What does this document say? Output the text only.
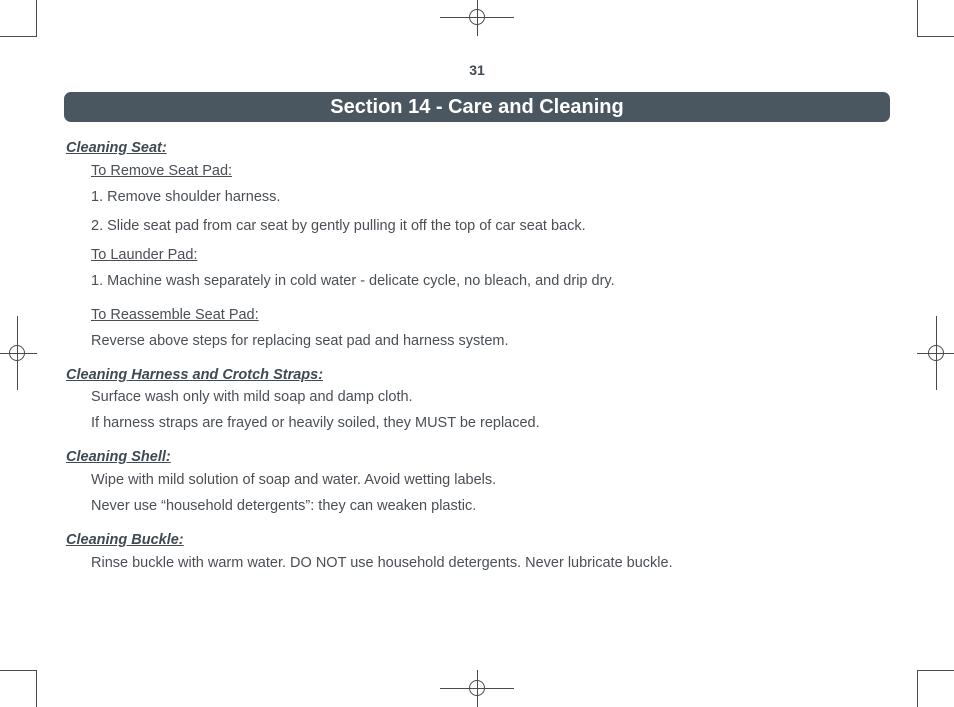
31
Section 14 - Care and Cleaning
Cleaning Seat:
To Remove Seat Pad:
1. Remove shoulder harness.
2. Slide seat pad from car seat by gently pulling it off the top of car seat back.
To Launder Pad:
1. Machine wash separately in cold water - delicate cycle, no bleach, and drip dry.
To Reassemble Seat Pad:
Reverse above steps for replacing seat pad and harness system.
Cleaning Harness and Crotch Straps:
Surface wash only with mild soap and damp cloth.
If harness straps are frayed or heavily soiled, they MUST be replaced.
Cleaning Shell:
Wipe with mild solution of soap and water. Avoid wetting labels.
Never use “household detergents”: they can weaken plastic.
Cleaning Buckle:
Rinse buckle with warm water. DO NOT use household detergents. Never lubricate buckle.
